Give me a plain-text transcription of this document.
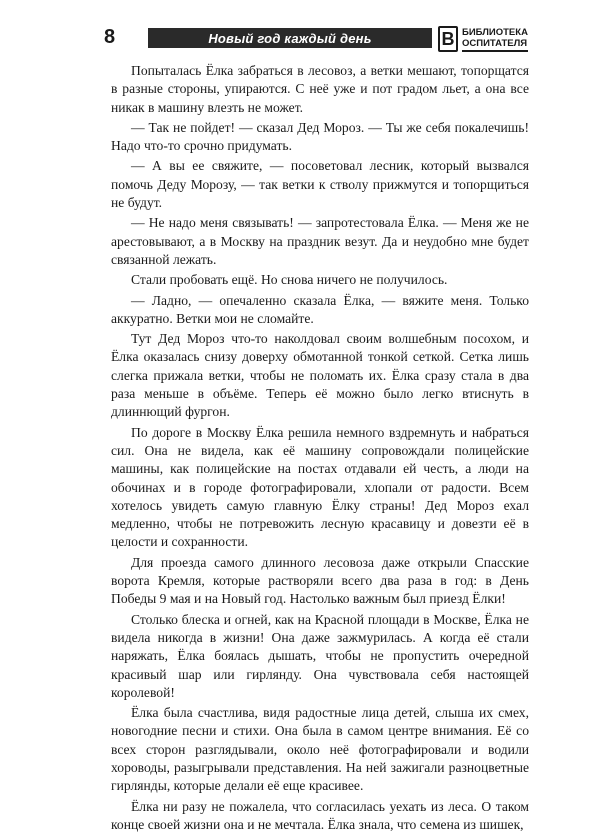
8	Новый год каждый день	B БИБЛИОТЕКА
ОСПИТАТЕЛЯ

Попыталась Ёлка забраться в лесовоз, а ветки мешают, топорщатся в разные стороны, упираются. С неё уже и пот градом льет, а она все никак в машину влезть не может.

— Так не пойдет! — сказал Дед Мороз. — Ты же себя покалечишь! Надо что-то срочно придумать.

— А вы ее свяжите, — посоветовал лесник, который вызвался помочь Деду Морозу, — так ветки к стволу прижмутся и топорщиться не будут.

— Не надо меня связывать! — запротестовала Ёлка. — Меня же не арестовывают, а в Москву на праздник везут. Да и неудобно мне будет связанной лежать.

Стали пробовать ещё. Но снова ничего не получилось.

— Ладно, — опечаленно сказала Ёлка, — вяжите меня. Только аккуратно. Ветки мои не сломайте.

Тут Дед Мороз что-то наколдовал своим волшебным посохом, и Ёлка оказалась снизу доверху обмотанной тонкой сеткой. Сетка лишь слегка прижала ветки, чтобы не поломать их. Ёлка сразу стала в два раза меньше в объёме. Теперь её можно было легко втиснуть в длиннющий фургон.

По дороге в Москву Ёлка решила немного вздремнуть и набраться сил. Она не видела, как её машину сопровождали полицейские машины, как полицейские на постах отдавали ей честь, а люди на обочинах и в городе фотографировали, хлопали от радости. Всем хотелось увидеть самую главную Ёлку страны! Дед Мороз ехал медленно, чтобы не потревожить лесную красавицу и довезти её в целости и сохранности.

Для проезда самого длинного лесовоза даже открыли Спасские ворота Кремля, которые растворяли всего два раза в год: в День Победы 9 мая и на Новый год. Настолько важным был приезд Ёлки!

Столько блеска и огней, как на Красной площади в Москве, Ёлка не видела никогда в жизни! Она даже зажмурилась. А когда её стали наряжать, Ёлка боялась дышать, чтобы не пропустить очередной красивый шар или гирлянду. Она чувствовала себя настоящей королевой!

Ёлка была счастлива, видя радостные лица детей, слыша их смех, новогодние песни и стихи. Она была в самом центре внимания. Её со всех сторон разглядывали, около неё фотографировали и водили хороводы, разыгрывали представления. На ней зажигали разноцветные гирлянды, которые делали её еще красивее.

Ёлка ни разу не пожалела, что согласилась уехать из леса. О таком конце своей жизни она и не мечтала. Ёлка знала, что семена из шишек,
